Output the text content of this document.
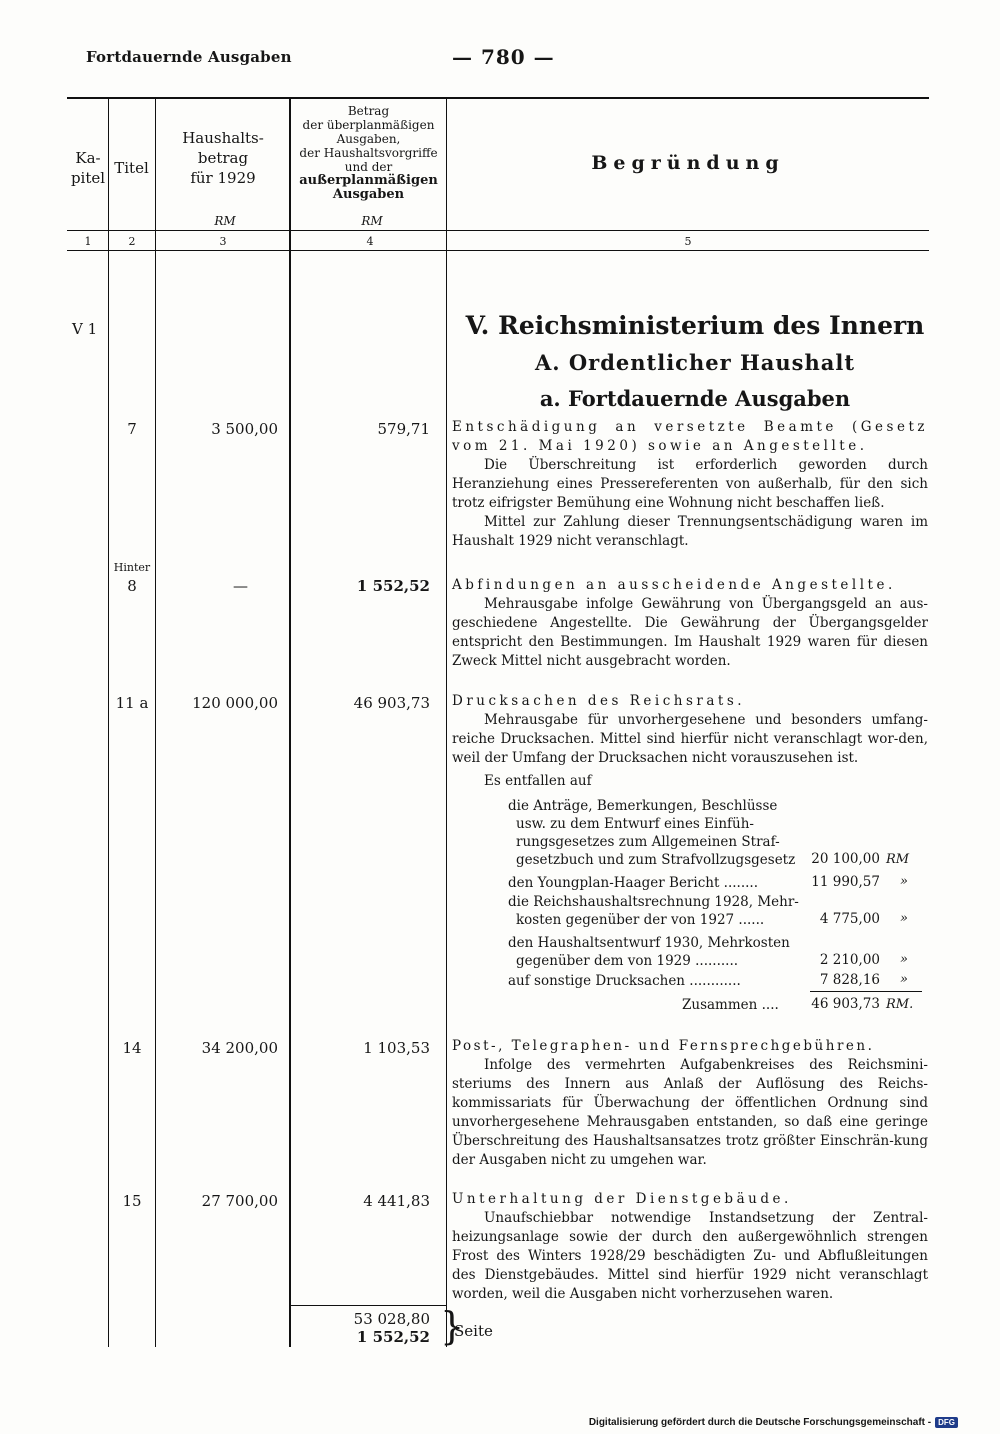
Fortdauernde Ausgaben	— 780 —
Ka-
pitel
Titel
Haushalts-
betrag
für 1929
Betrag
der überplanmäßigen
Ausgaben,
der Haushaltsvorgriffe
und der
außerplanmäßigen
Ausgaben
Begründung
RM	RM
1	2	3	4	5
V 1	V. Reichsministerium des Innern
A. Ordentlicher Haushalt
a. Fortdauernde Ausgaben
7	3 500,00	579,71 Entschädigung an versetzte Beamte (Gesetz vom 21. Mai 1920) sowie an Angestellte.
Die Überschreitung ist erforderlich geworden durch Heranziehung eines Pressereferenten von außerhalb, für den sich trotz eifrigster Bemühung eine Wohnung nicht beschaffen ließ.
Mittel zur Zahlung dieser Trennungsentschädigung waren im Haushalt 1929 nicht veranschlagt.
Hinter
8	—	1 552,52 Abfindungen an ausscheidende Angestellte.
Mehrausgabe infolge Gewährung von Übergangsgeld an aus-geschiedene Angestellte. Die Gewährung der Übergangsgelder entspricht den Bestimmungen. Im Haushalt 1929 waren für diesen Zweck Mittel nicht ausgebracht worden.
11 a	120 000,00	46 903,73 Drucksachen des Reichsrats.
Mehrausgabe für unvorhergesehene und besonders umfang-reiche Drucksachen. Mittel sind hierfür nicht veranschlagt wor-den, weil der Umfang der Drucksachen nicht vorauszusehen ist.
Es entfallen auf
die Anträge, Bemerkungen, Beschlüsse
usw. zu dem Entwurf eines Einfüh-
rungsgesetzes zum Allgemeinen Straf-
gesetzbuch und zum Strafvollzugsgesetz	20 100,00 RM
den Youngplan-Haager Bericht ........	11 990,57 »
die Reichshaushaltsrechnung 1928, Mehr-
kosten gegenüber der von 1927 ......	4 775,00 »
den Haushaltsentwurf 1930, Mehrkosten
gegenüber dem von 1929 ..........	2 210,00 »
auf sonstige Drucksachen ............	7 828,16 »
Zusammen ....	46 903,73 RM.
14	34 200,00	1 103,53 Post-, Telegraphen- und Fernsprechgebühren.
Infolge des vermehrten Aufgabenkreises des Reichsmini-steriums des Innern aus Anlaß der Auflösung des Reichs-kommissariats für Überwachung der öffentlichen Ordnung sind unvorhergesehene Mehrausgaben entstanden, so daß eine geringe Überschreitung des Haushaltsansatzes trotz größter Einschrän-kung der Ausgaben nicht zu umgehen war.
15	27 700,00	4 441,83 Unterhaltung der Dienstgebäude.
Unaufschiebbar notwendige Instandsetzung der Zentral-heizungsanlage sowie der durch den außergewöhnlich strengen Frost des Winters 1928/29 beschädigten Zu- und Abflußleitungen des Dienstgebäudes. Mittel sind hierfür 1929 nicht veranschlagt worden, weil die Ausgaben nicht vorherzusehen waren.
53 028,80
1 552,52 }
Seite
Digitalisierung gefördert durch die Deutsche Forschungsgemeinschaft - DFG
